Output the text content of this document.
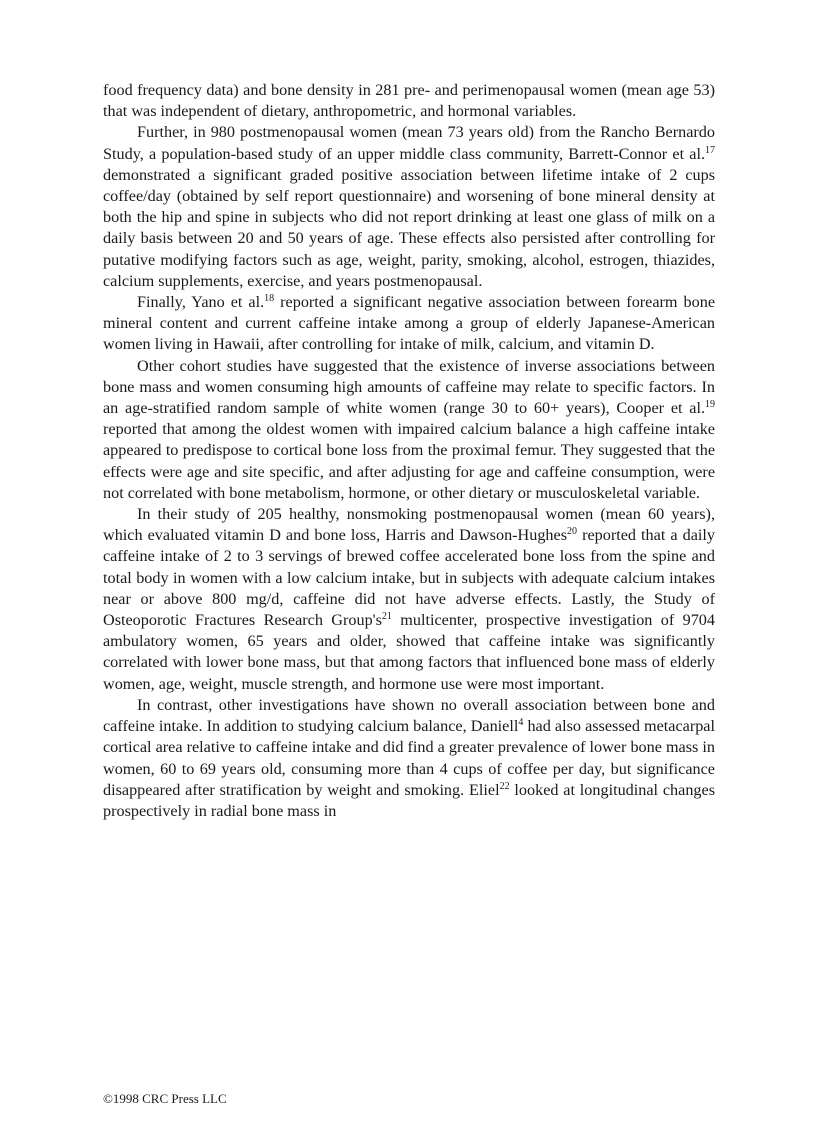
food frequency data) and bone density in 281 pre- and perimenopausal women (mean age 53) that was independent of dietary, anthropometric, and hormonal variables.

Further, in 980 postmenopausal women (mean 73 years old) from the Rancho Bernardo Study, a population-based study of an upper middle class community, Barrett-Connor et al.$^{17}$ demonstrated a significant graded positive association between lifetime intake of 2 cups coffee/day (obtained by self report questionnaire) and worsening of bone mineral density at both the hip and spine in subjects who did not report drinking at least one glass of milk on a daily basis between 20 and 50 years of age. These effects also persisted after controlling for putative modifying factors such as age, weight, parity, smoking, alcohol, estrogen, thiazides, calcium supplements, exercise, and years postmenopausal.

Finally, Yano et al.$^{18}$ reported a significant negative association between forearm bone mineral content and current caffeine intake among a group of elderly Japanese-American women living in Hawaii, after controlling for intake of milk, calcium, and vitamin D.

Other cohort studies have suggested that the existence of inverse associations between bone mass and women consuming high amounts of caffeine may relate to specific factors. In an age-stratified random sample of white women (range 30 to 60+ years), Cooper et al.$^{19}$ reported that among the oldest women with impaired calcium balance a high caffeine intake appeared to predispose to cortical bone loss from the proximal femur. They suggested that the effects were age and site specific, and after adjusting for age and caffeine consumption, were not correlated with bone metabolism, hormone, or other dietary or musculoskeletal variable.

In their study of 205 healthy, nonsmoking postmenopausal women (mean 60 years), which evaluated vitamin D and bone loss, Harris and Dawson-Hughes$^{20}$ reported that a daily caffeine intake of 2 to 3 servings of brewed coffee accelerated bone loss from the spine and total body in women with a low calcium intake, but in subjects with adequate calcium intakes near or above 800 mg/d, caffeine did not have adverse effects. Lastly, the Study of Osteoporotic Fractures Research $Group's^{21}$ multicenter, prospective investigation of 9704 ambulatory women, 65 years and older, showed that caffeine intake was significantly correlated with lower bone mass, but that among factors that influenced bone mass of elderly women, age, weight, muscle strength, and hormone use were most important.

In contrast, other investigations have shown no overall association between bone and caffeine intake. In addition to studying calcium balance, Daniell$^4$ had also assessed metacarpal cortical area relative to caffeine intake and did find a greater prevalence of lower bone mass in women, 60 to 69 years old, consuming more than 4 cups of coffee per day, but significance disappeared after stratification by weight and smoking. Eliel$^{22}$ looked at longitudinal changes prospectively in radial bone mass in

©1998 CRC Press LLC
